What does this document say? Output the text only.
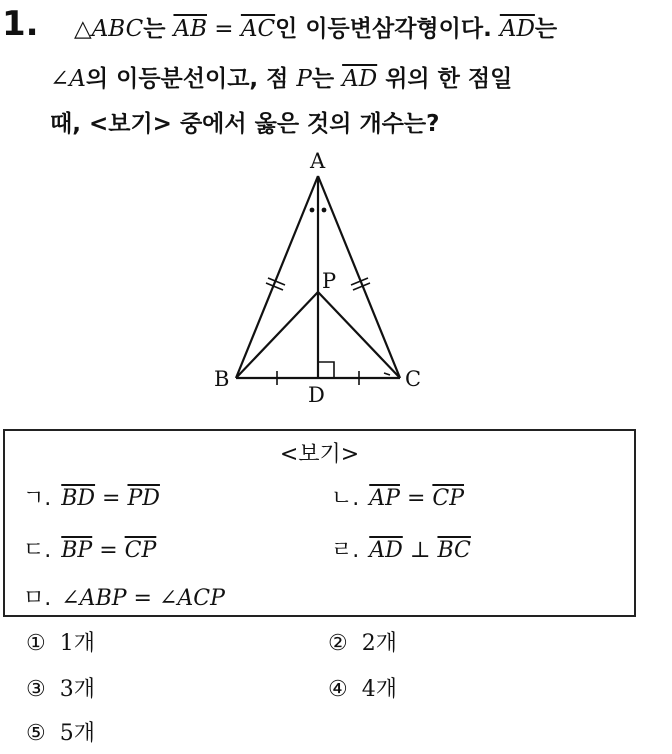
1. △ABC는 $\overline{AB} = \overline{AC}$인 이등변삼각형이다. $\overline{AD}$는
∠A의 이등분선이고, 점 P는 $\overline{AD}$ 위의 한 점일
때, <보기> 중에서 옳은 것의 개수는?
A
B	C
D
P
<보기>
ㄱ. $\overline{BD} = \overline{PD}$	ㄴ. $\overline{AP} = \overline{CP}$
ㄷ. $\overline{BP} = \overline{CP}$	ㄹ. $\overline{AD}$ ⊥ $\overline{BC}$
ㅁ. ∠ABP = ∠ACP
① 1개	② 2개
③ 3개	④ 4개
⑤ 5개
